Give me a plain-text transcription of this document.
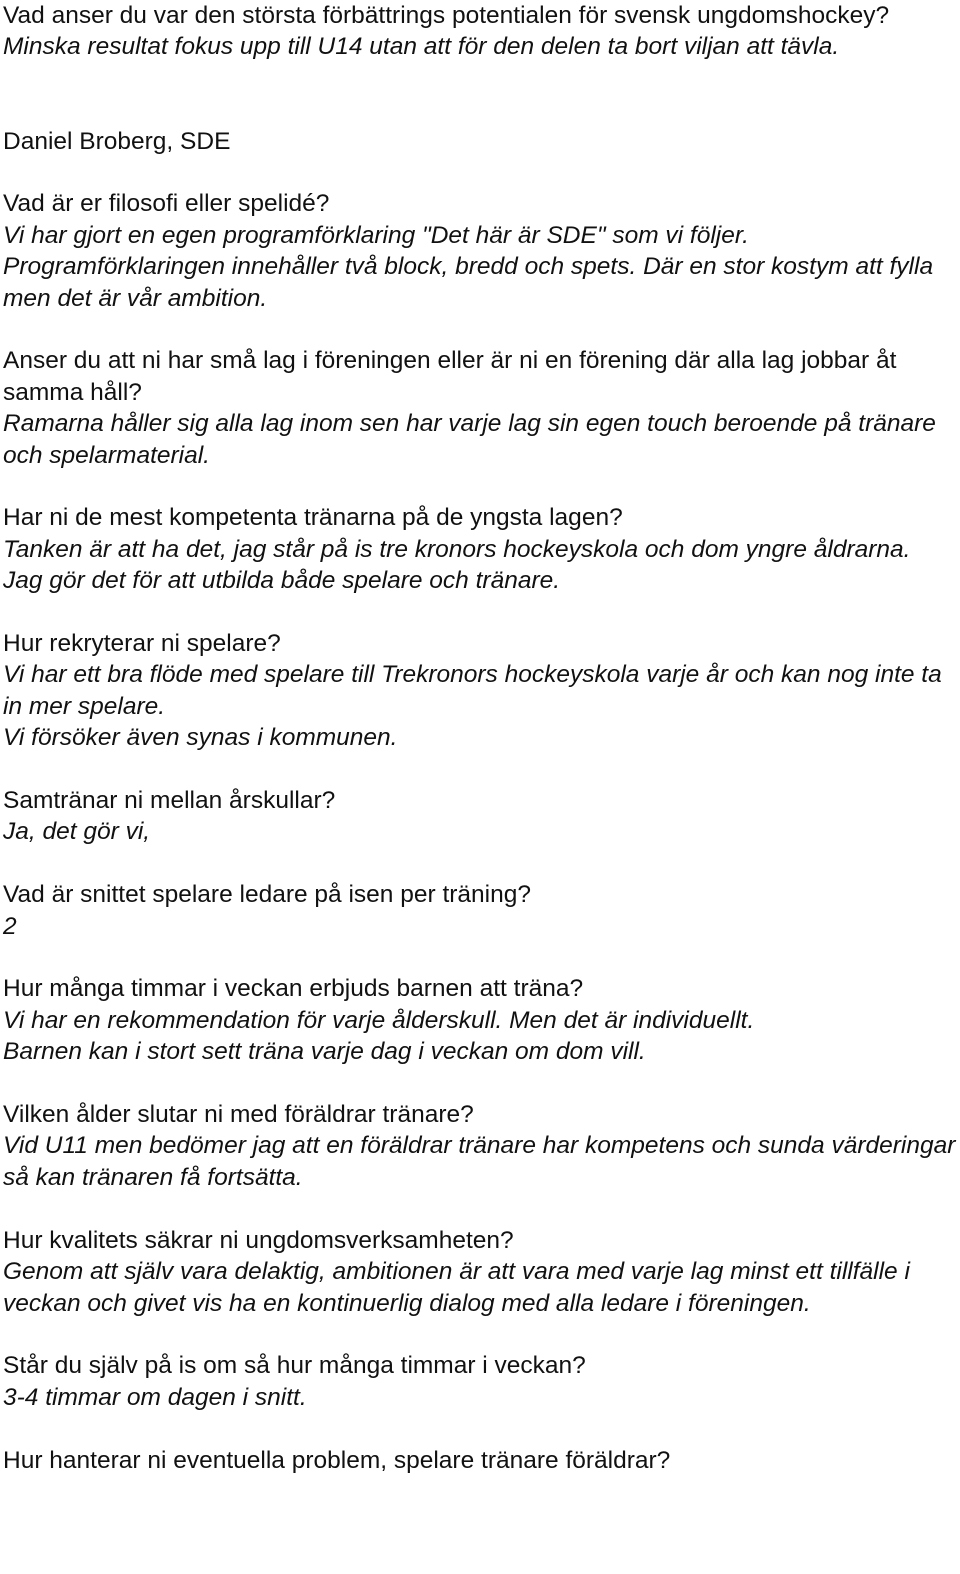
Vad anser du var den största förbättrings potentialen för svensk ungdomshockey?
Minska resultat fokus upp till U14 utan att för den delen ta bort viljan att tävla.
Daniel Broberg, SDE
Vad är er filosofi eller spelidé?
Vi har gjort en egen programförklaring "Det här är SDE" som vi följer. Programförklaringen innehåller två block, bredd och spets. Där en stor kostym att fylla men det är vår ambition.
Anser du att ni har små lag i föreningen eller är ni en förening där alla lag jobbar åt samma håll?
Ramarna håller sig alla lag inom sen har varje lag sin egen touch beroende på tränare och spelarmaterial.
Har ni de mest kompetenta tränarna på de yngsta lagen?
Tanken är att ha det, jag står på is tre kronors hockeyskola och dom yngre åldrarna. Jag gör det för att utbilda både spelare och tränare.
Hur rekryterar ni spelare?
Vi har ett bra flöde med spelare till Trekronors hockeyskola varje år och kan nog inte ta in mer spelare.
Vi försöker även synas i kommunen.
Samtränar ni mellan årskullar?
Ja, det gör vi,
Vad är snittet spelare ledare på isen per träning?
2
Hur många timmar i veckan erbjuds barnen att träna?
Vi har en rekommendation för varje ålderskull. Men det är individuellt.
Barnen kan i stort sett träna varje dag i veckan om dom vill.
Vilken ålder slutar ni med föräldrar tränare?
Vid U11 men bedömer jag att en föräldrar tränare har kompetens och sunda värderingar så kan tränaren få fortsätta.
Hur kvalitets säkrar ni ungdomsverksamheten?
Genom att själv vara delaktig, ambitionen är att vara med varje lag minst ett tillfälle i veckan och givet vis ha en kontinuerlig dialog med alla ledare i föreningen.
Står du själv på is om så hur många timmar i veckan?
3-4 timmar om dagen i snitt.
Hur hanterar ni eventuella problem, spelare tränare föräldrar?
